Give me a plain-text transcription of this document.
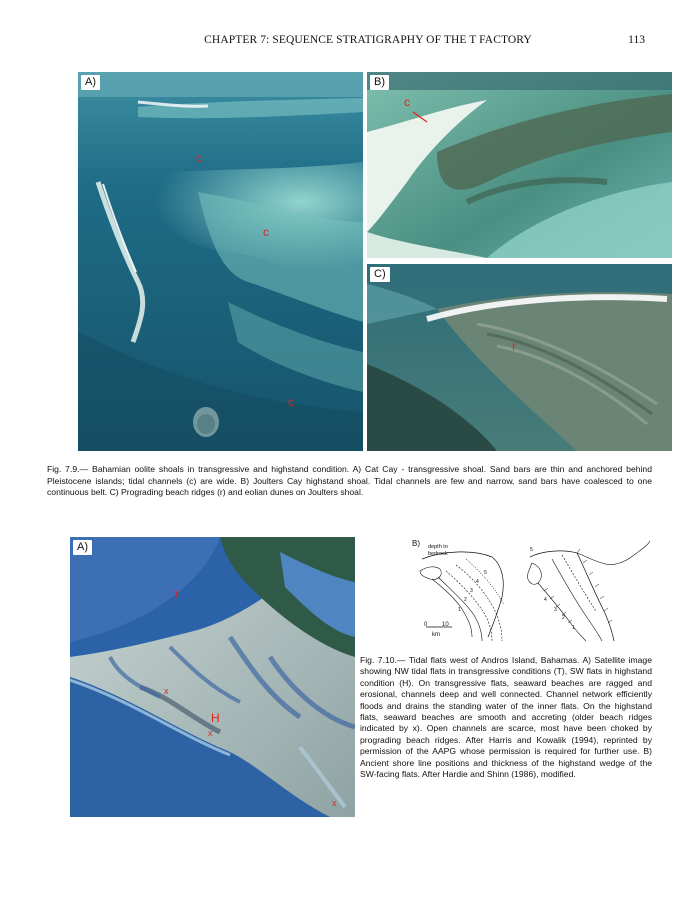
CHAPTER 7: SEQUENCE STRATIGRAPHY OF THE T FACTORY	113
A)
c
c
c
B)
c
C)
r

Fig. 7.9.— Bahamian oolite shoals in transgressive and highstand condition. A) Cat Cay - transgressive shoal. Sand bars are thin and anchored behind Pleistocene islands; tidal channels (c) are wide. B) Joulters Cay highstand shoal. Tidal channels are few and narrow, sand bars have coalesced to one continuous belt. C) Prograding beach ridges (r) and eolian dunes on Joulters shoal.

A)
T
x
H
x
x
B) depth to
bedrock
1
2
3
4
5
0 10
km
5
4
3
2
1

Fig. 7.10.— Tidal flats west of Andros Island, Bahamas. A) Satellite image showing NW tidal flats in transgressive conditions (T), SW flats in highstand condition (H). On transgressive flats, seaward beaches are ragged and erosional, channels deep and well connected. Channel network efficiently floods and drains the standing water of the inner flats. On the highstand flats, seaward beaches are smooth and accreting (older beach ridges indicated by x). Open channels are scarce, most have been choked by prograding beach ridges. After Harris and Kowalik (1994), reprinted by permission of the AAPG whose permission is required for further use. B) Ancient shore line positions and thickness of the highstand wedge of the SW-facing flats. After Hardie and Shinn (1986), modified.
